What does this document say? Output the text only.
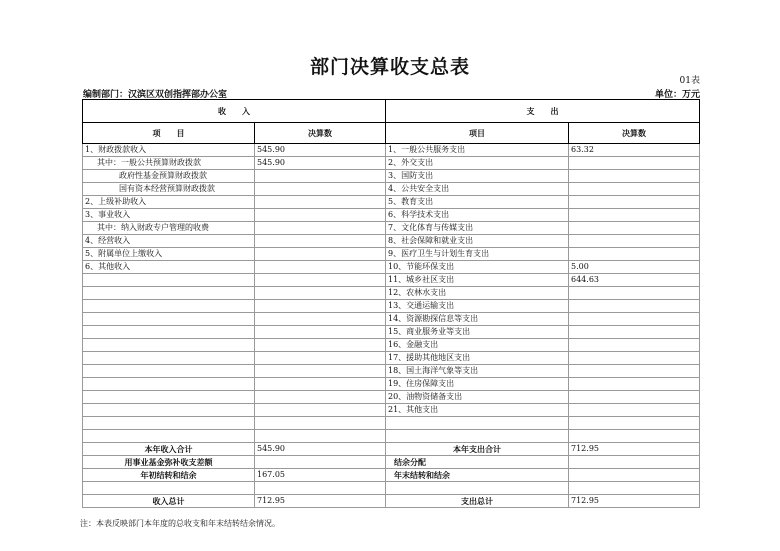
部门决算收支总表
01表
编制部门：汉滨区双创指挥部办公室	单位：万元
收　　入		支　　出	
项　　目	决算数	项目	决算数
1、财政拨款收入	545.90	1、一般公共服务支出	63.32
其中：一般公共预算财政拨款	545.90	2、外交支出	
政府性基金预算财政拨款		3、国防支出	
国有资本经营预算财政拨款		4、公共安全支出	
2、上级补助收入		5、教育支出	
3、事业收入		6、科学技术支出	
其中：纳入财政专户管理的收费		7、文化体育与传媒支出	
4、经营收入		8、社会保障和就业支出	
5、附属单位上缴收入		9、医疗卫生与计划生育支出	
6、其他收入		10、节能环保支出	5.00
		11、城乡社区支出	644.63
		12、农林水支出	
		13、交通运输支出	
		14、资源勘探信息等支出	
		15、商业服务业等支出	
		16、金融支出	
		17、援助其他地区支出	
		18、国土海洋气象等支出	
		19、住房保障支出	
		20、油物资储备支出	
		21、其他支出	

本年收入合计	545.90	本年支出合计	712.95
用事业基金弥补收支差额		结余分配	
年初结转和结余	167.05	年末结转和结余	

收入总计	712.95	支出总计	712.95
注：本表反映部门本年度的总收支和年末结转结余情况。
